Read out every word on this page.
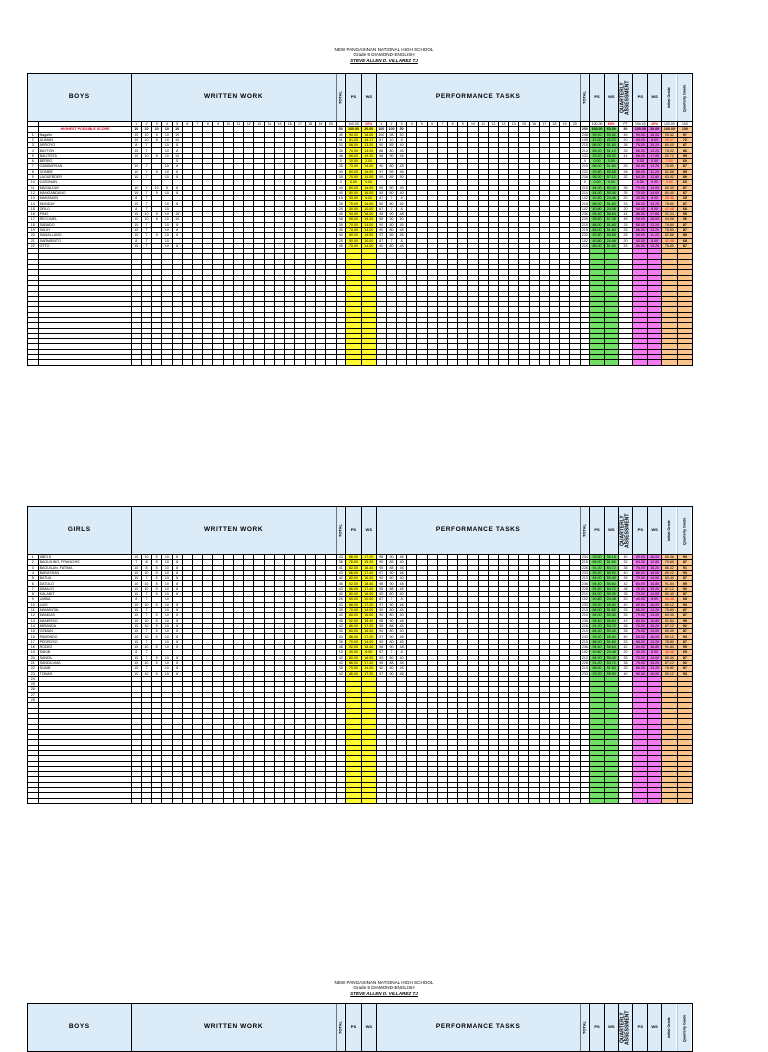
NEW PANGASINAN NATIONAL HIGH SCHOOL
Grade 9 DIAMOND-ENGLISH
STEVE ALLEN D. VILLAREZ TJ
BOYS		WRITTEN WORK																				TOTAL	PS	WS	PERFORMANCE TASKS																				TOTAL	PS	WS	QUARTERLY ASSESSMENT	PS	WS	Initial Grade	Quarterly Grade
		1	2	3	4	5	6	7	8	9	10	11	12	13	14	15	16	17	18	19	20		100.00	20%	1	2	3	4	5	6	7	8	9	10	11	12	13	14	15	16	17	18	19	20		100.00	60%	PT	100.00	20%	100.00	100
	HIGHEST POSSIBLE SCORE	10	10	10	10	10																50	100.00	20.00	100	100	50																		250	100.00	60.00	50	100.00	20.00	100.00	100
1	Nagaño	10	10	5	10	10																45	90.00	18.00	100	98	50																		248	99.20	59.52	45	90.00	18.00	95.52	97
2	ALIMAN	10	10	8	10	10																41	81.00	16.17	87	10	8																		105	42.00	25.20	20	40.00	8.00	49.37	72
3	ARROYO	8	7		10	8																33	66.00	13.20	90	85	40																		215	86.00	51.60	38	76.00	15.20	80.00	87
4	BAYTON	10	7		10	8																35	70.00	14.00	88	80	45																		213	85.20	51.12	33	66.00	13.20	78.32	86
5	BAUTISTA	10	10	8	10	10																48	96.00	19.20	98	90	45																		233	93.20	55.92	44	88.00	17.60	92.72	95
6	BERRO					5																5	10.00	2.00																					0	0.00	0.00		0.00	0.00	2.00	60
7	CAMBARSAN	10	7		10	8																35	70.00	14.00	90	80	45																		215	86.00	51.60	33	66.00	13.20	78.80	87
8	GOMBE	10	7	5	10	8																40	80.00	16.00	97	89	46																		232	92.80	55.68	28	56.00	11.20	82.88	89
9	LAGUERDER	10	7		10	8																35	70.00	14.00	99	89	50																		238	95.20	57.12	32	64.00	12.80	83.92	89
10	LUSONAN																					0	0.00	0.00																					0	0.00	0.00		0.00	0.00	0.00	60
11	MAGALDAY	10	7	10	5	8																40	80.00	16.00	90	80	40																		210	84.00	50.40	35	70.00	14.00	80.40	87
12	MANGANDANG	10	7	5	10	8																40	80.00	16.00	90	80	40																		210	84.00	50.40	35	70.00	14.00	80.40	87
13	MARANON	8	7																			15	30.00	6.00	87	7	8																		102	40.80	24.48	20	40.00	8.00	38.48	65
14	MUNDAY	10	7		10	8																35	70.00	14.00	90	80	45																		215	86.00	51.60	33	66.00	13.20	78.80	87
15	ORLO	8	7		10																	25	50.00	10.00	87	7	8																		102	40.80	24.48	20	40.00	8.00	42.48	68
16	PINO	10	10	5	10	10																45	90.00	18.00	98	90	48																		236	94.40	56.64	44	88.00	17.60	92.24	95
17	RECOMEL	10	10	8	10	10																48	96.00	19.20	99	90	50																		239	95.60	57.36	45	90.00	18.00	94.56	96
18	SABADO	10	7		10	8																35	70.00	14.00	90	80	45																		215	86.00	51.60	33	66.00	13.20	78.80	87
19	SALIH	10	7		10	8																35	70.00	14.00	90	80	45																		215	86.00	51.60	33	66.00	13.20	78.80	87
20	SAMALLANO	10	7	5	10	8																40	80.00	16.00	97	89	46																		232	92.80	55.68	28	56.00	11.20	82.88	89
21	SARMIENTO	8	7		10																	25	50.00	10.00	87	7	8																		102	40.80	24.48	20	40.00	8.00	42.48	68
22	OTTO	10	7		10	8																35	70.00	14.00	90	80	45																		215	86.00	51.60	33	66.00	13.20	78.80	87

GIRLS		WRITTEN WORK																				TOTAL	PS	WS	PERFORMANCE TASKS																				TOTAL	PS	WS	QUARTERLY ASSESSMENT	PS	WS	Initial Grade	Quarterly Grade
1	ABELS	10	10	5	10	8																43	86.00	17.20	98	90	46																		234	93.60	56.16	40	80.00	16.00	89.36	93
2	BAGUILING, FRANCHIS	7	8	5	10	8																38	76.00	15.20	90	85	40																		215	86.00	51.60	32	64.00	12.80	79.60	87
3	BAGUILAN, FATIMA	10	8	5	10	8																41	82.00	16.40	95	88	45																		228	91.20	54.72	38	76.00	15.20	86.32	91
4	BARASSAN	10	10	5	10	8																43	86.00	17.20	97	90	46																		233	93.20	55.92	40	80.00	16.00	89.12	93
5	BATUA	10	7	5	10	8																40	80.00	16.00	90	80	40																		210	84.00	50.40	35	70.00	14.00	80.40	87
6	DATULO	10	10	8	10	8																46	92.00	18.40	98	90	48																		236	94.40	56.64	42	84.00	16.80	91.84	95
7	DIMACO	10	10	5	10	8																43	86.00	17.20	95	88	45																		228	91.20	54.72	38	76.00	15.20	87.12	92
8	KALANIT	10	7	5	10	8																40	80.00	16.00	90	80	40																		210	84.00	50.40	35	70.00	14.00	80.40	87
9	LIMBA	8	7		10																	25	50.00	10.00	87	7	8																		102	40.80	24.48	20	40.00	8.00	42.48	68
10	LUIS	10	10	5	10	8																43	86.00	17.20	97	90	46																		233	93.20	55.92	40	80.00	16.00	89.12	93
11	MAMANTAL	10	7		10	8																35	70.00	14.00	90	80	45																		215	86.00	51.60	33	66.00	13.20	78.80	87
12	MANDAS	10	7	5	10	8																40	80.00	16.00	90	80	40																		210	84.00	50.40	35	70.00	14.00	80.40	87
13	MANNSSO	10	10	8	10	8																46	92.00	18.40	98	90	48																		236	94.40	56.64	42	84.00	16.80	91.84	95
14	MIRANDA	10	10	5	10	8																43	86.00	17.20	95	88	45																		228	91.20	54.72	38	76.00	15.20	87.12	92
15	OSMAN	10	7	5	10	8																40	80.00	16.00	90	80	40																		210	84.00	50.40	35	70.00	14.00	80.40	87
16	PANONDO	10	10	5	10	8																43	86.00	17.20	97	90	46																		233	93.20	55.92	40	80.00	16.00	89.12	93
17	PEDROSO	10	7		10	8																35	70.00	14.00	90	80	45																		215	86.00	51.60	33	66.00	13.20	78.80	87
18	RODEZ	10	10	8	10	8																46	92.00	18.40	98	90	48																		236	94.40	56.64	42	84.00	16.80	91.84	95
19	SAKIB	8	7																			15	30.00	6.00	87	7	8																		102	40.80	24.48	20	40.00	8.00	38.48	65
20	SANDIL	10	7	5	10	8																40	80.00	16.00	90	80	40																		210	84.00	50.40	35	70.00	14.00	80.40	87
21	SANDILUMA	10	10	5	10	8																43	86.00	17.20	95	88	45																		228	91.20	54.72	38	76.00	15.20	87.12	92
22	SUAIB	10	7		10	8																35	70.00	14.00	90	80	45																		215	86.00	51.60	33	66.00	13.20	78.80	87
23	TOMAS	10	10	5	10	8																43	86.00	17.20	97	90	46																		233	93.20	55.92	40	80.00	16.00	89.12	93
24																																																				
25																																																				
26																																																				
27																																																				
28																																																				

NEW PANGASINAN NATIONAL HIGH SCHOOL
Grade 9 DIAMOND-ENGLISH
STEVE ALLEN D. VILLAREZ TJ
BOYS	WRITTEN WORK	TOTAL	PS	WS	PERFORMANCE TASKS	TOTAL	PS	WS	QUARTERLY ASSESSMENT	PS	WS	Initial Grade	Quarterly Grade
